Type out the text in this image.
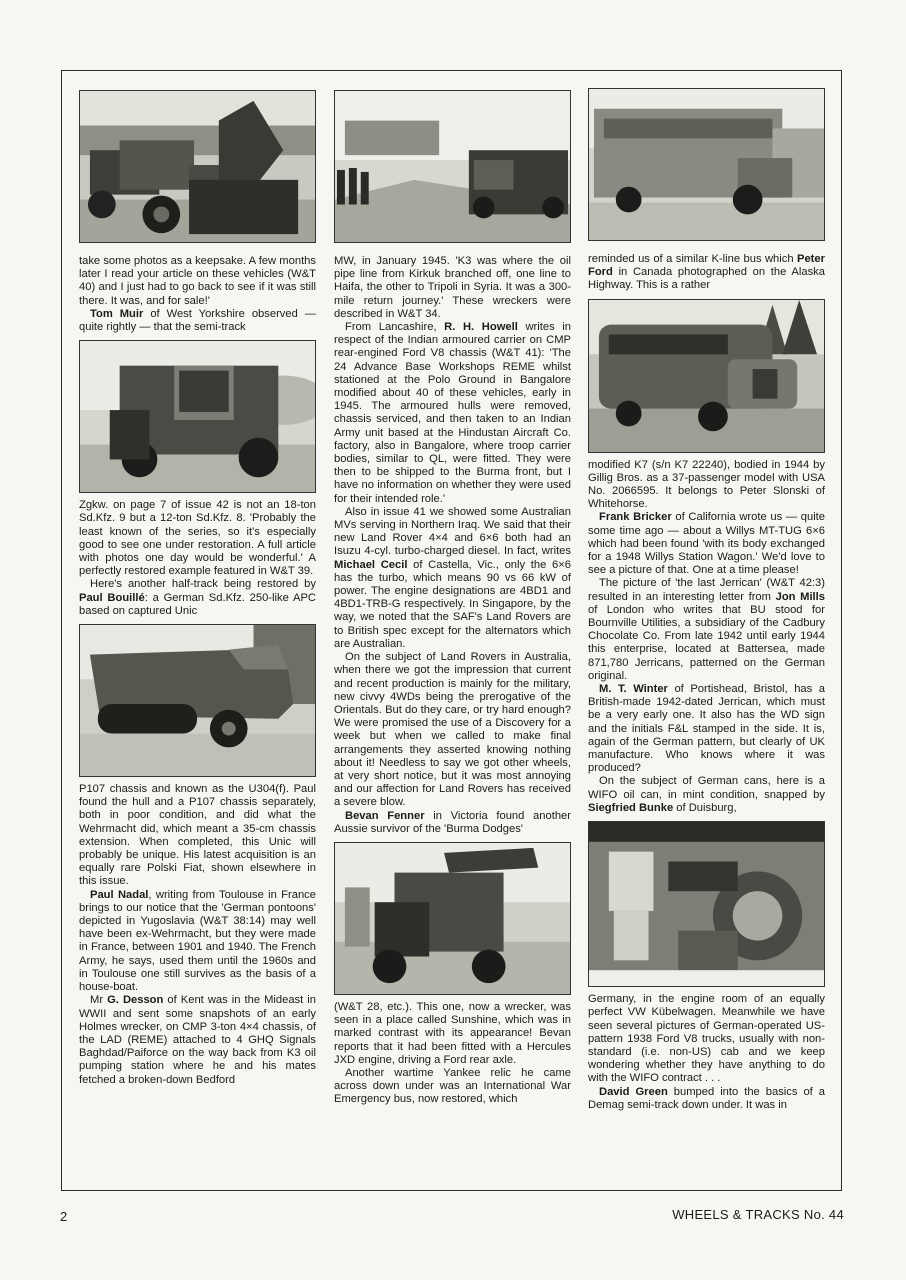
take some photos as a keepsake. A few months later I read your article on these vehicles (W&T 40) and I just had to go back to see if it was still there. It was, and for sale!'

Tom Muir of West Yorkshire observed — quite rightly — that the semi-track

Zgkw. on page 7 of issue 42 is not an 18-ton Sd.Kfz. 9 but a 12-ton Sd.Kfz. 8. 'Probably the least known of the series, so it's especially good to see one under restoration. A full article with photos one day would be wonderful.' A perfectly restored example featured in W&T 39.

Here's another half-track being restored by Paul Bouillé: a German Sd.Kfz. 250-like APC based on captured Unic

P107 chassis and known as the U304(f). Paul found the hull and a P107 chassis separately, both in poor condition, and did what the Wehrmacht did, which meant a 35-cm chassis extension. When completed, this Unic will probably be unique. His latest acquisition is an equally rare Polski Fiat, shown elsewhere in this issue.

Paul Nadal, writing from Toulouse in France brings to our notice that the 'German pontoons' depicted in Yugoslavia (W&T 38:14) may well have been ex-Wehrmacht, but they were made in France, between 1901 and 1940. The French Army, he says, used them until the 1960s and in Toulouse one still survives as the basis of a house-boat.

Mr G. Desson of Kent was in the Mideast in WWII and sent some snapshots of an early Holmes wrecker, on CMP 3-ton 4×4 chassis, of the LAD (REME) attached to 4 GHQ Signals Baghdad/Paiforce on the way back from K3 oil pumping station where he and his mates fetched a broken-down Bedford

MW, in January 1945. 'K3 was where the oil pipe line from Kirkuk branched off, one line to Haifa, the other to Tripoli in Syria. It was a 300-mile return journey.' These wreckers were described in W&T 34.

From Lancashire, R. H. Howell writes in respect of the Indian armoured carrier on CMP rear-engined Ford V8 chassis (W&T 41): 'The 24 Advance Base Workshops REME whilst stationed at the Polo Ground in Bangalore modified about 40 of these vehicles, early in 1945. The armoured hulls were removed, chassis serviced, and then taken to an Indian Army unit based at the Hindustan Aircraft Co. factory, also in Bangalore, where troop carrier bodies, similar to QL, were fitted. They were then to be shipped to the Burma front, but I have no information on whether they were used for their intended role.'

Also in issue 41 we showed some Australian MVs serving in Northern Iraq. We said that their new Land Rover 4×4 and 6×6 both had an Isuzu 4-cyl. turbo-charged diesel. In fact, writes Michael Cecil of Castella, Vic., only the 6×6 has the turbo, which means 90 vs 66 kW of power. The engine designations are 4BD1 and 4BD1-TRB-G respectively. In Singapore, by the way, we noted that the SAF's Land Rovers are to British spec except for the alternators which are Australian.

On the subject of Land Rovers in Australia, when there we got the impression that current and recent production is mainly for the military, new civvy 4WDs being the prerogative of the Orientals. But do they care, or try hard enough? We were promised the use of a Discovery for a week but when we called to make final arrangements they asserted knowing nothing about it! Needless to say we got other wheels, at very short notice, but it was most annoying and our affection for Land Rovers has received a severe blow.

Bevan Fenner in Victoria found another Aussie survivor of the 'Burma Dodges'

(W&T 28, etc.). This one, now a wrecker, was seen in a place called Sunshine, which was in marked contrast with its appearance! Bevan reports that it had been fitted with a Hercules JXD engine, driving a Ford rear axle.

Another wartime Yankee relic he came across down under was an International War Emergency bus, now restored, which

reminded us of a similar K-line bus which Peter Ford in Canada photographed on the Alaska Highway. This is a rather

modified K7 (s/n K7 22240), bodied in 1944 by Gillig Bros. as a 37-passenger model with USA No. 2066595. It belongs to Peter Slonski of Whitehorse.

Frank Bricker of California wrote us — quite some time ago — about a Willys MT-TUG 6×6 which had been found 'with its body exchanged for a 1948 Willys Station Wagon.' We'd love to see a picture of that. One at a time please!

The picture of 'the last Jerrican' (W&T 42:3) resulted in an interesting letter from Jon Mills of London who writes that BU stood for Bournville Utilities, a subsidiary of the Cadbury Chocolate Co. From late 1942 until early 1944 this enterprise, located at Battersea, made 871,780 Jerricans, patterned on the German original.

M. T. Winter of Portishead, Bristol, has a British-made 1942-dated Jerrican, which must be a very early one. It also has the WD sign and the initials F&L stamped in the side. It is, again of the German pattern, but clearly of UK manufacture. Who knows where it was produced?

On the subject of German cans, here is a WIFO oil can, in mint condition, snapped by Siegfried Bunke of Duisburg,

Germany, in the engine room of an equally perfect VW Kübelwagen. Meanwhile we have seen several pictures of German-operated US-pattern 1938 Ford V8 trucks, usually with non-standard (i.e. non-US) cab and we keep wondering whether they have anything to do with the WIFO contract . . .

David Green bumped into the basics of a Demag semi-track down under. It was in

2	WHEELS & TRACKS No. 44
